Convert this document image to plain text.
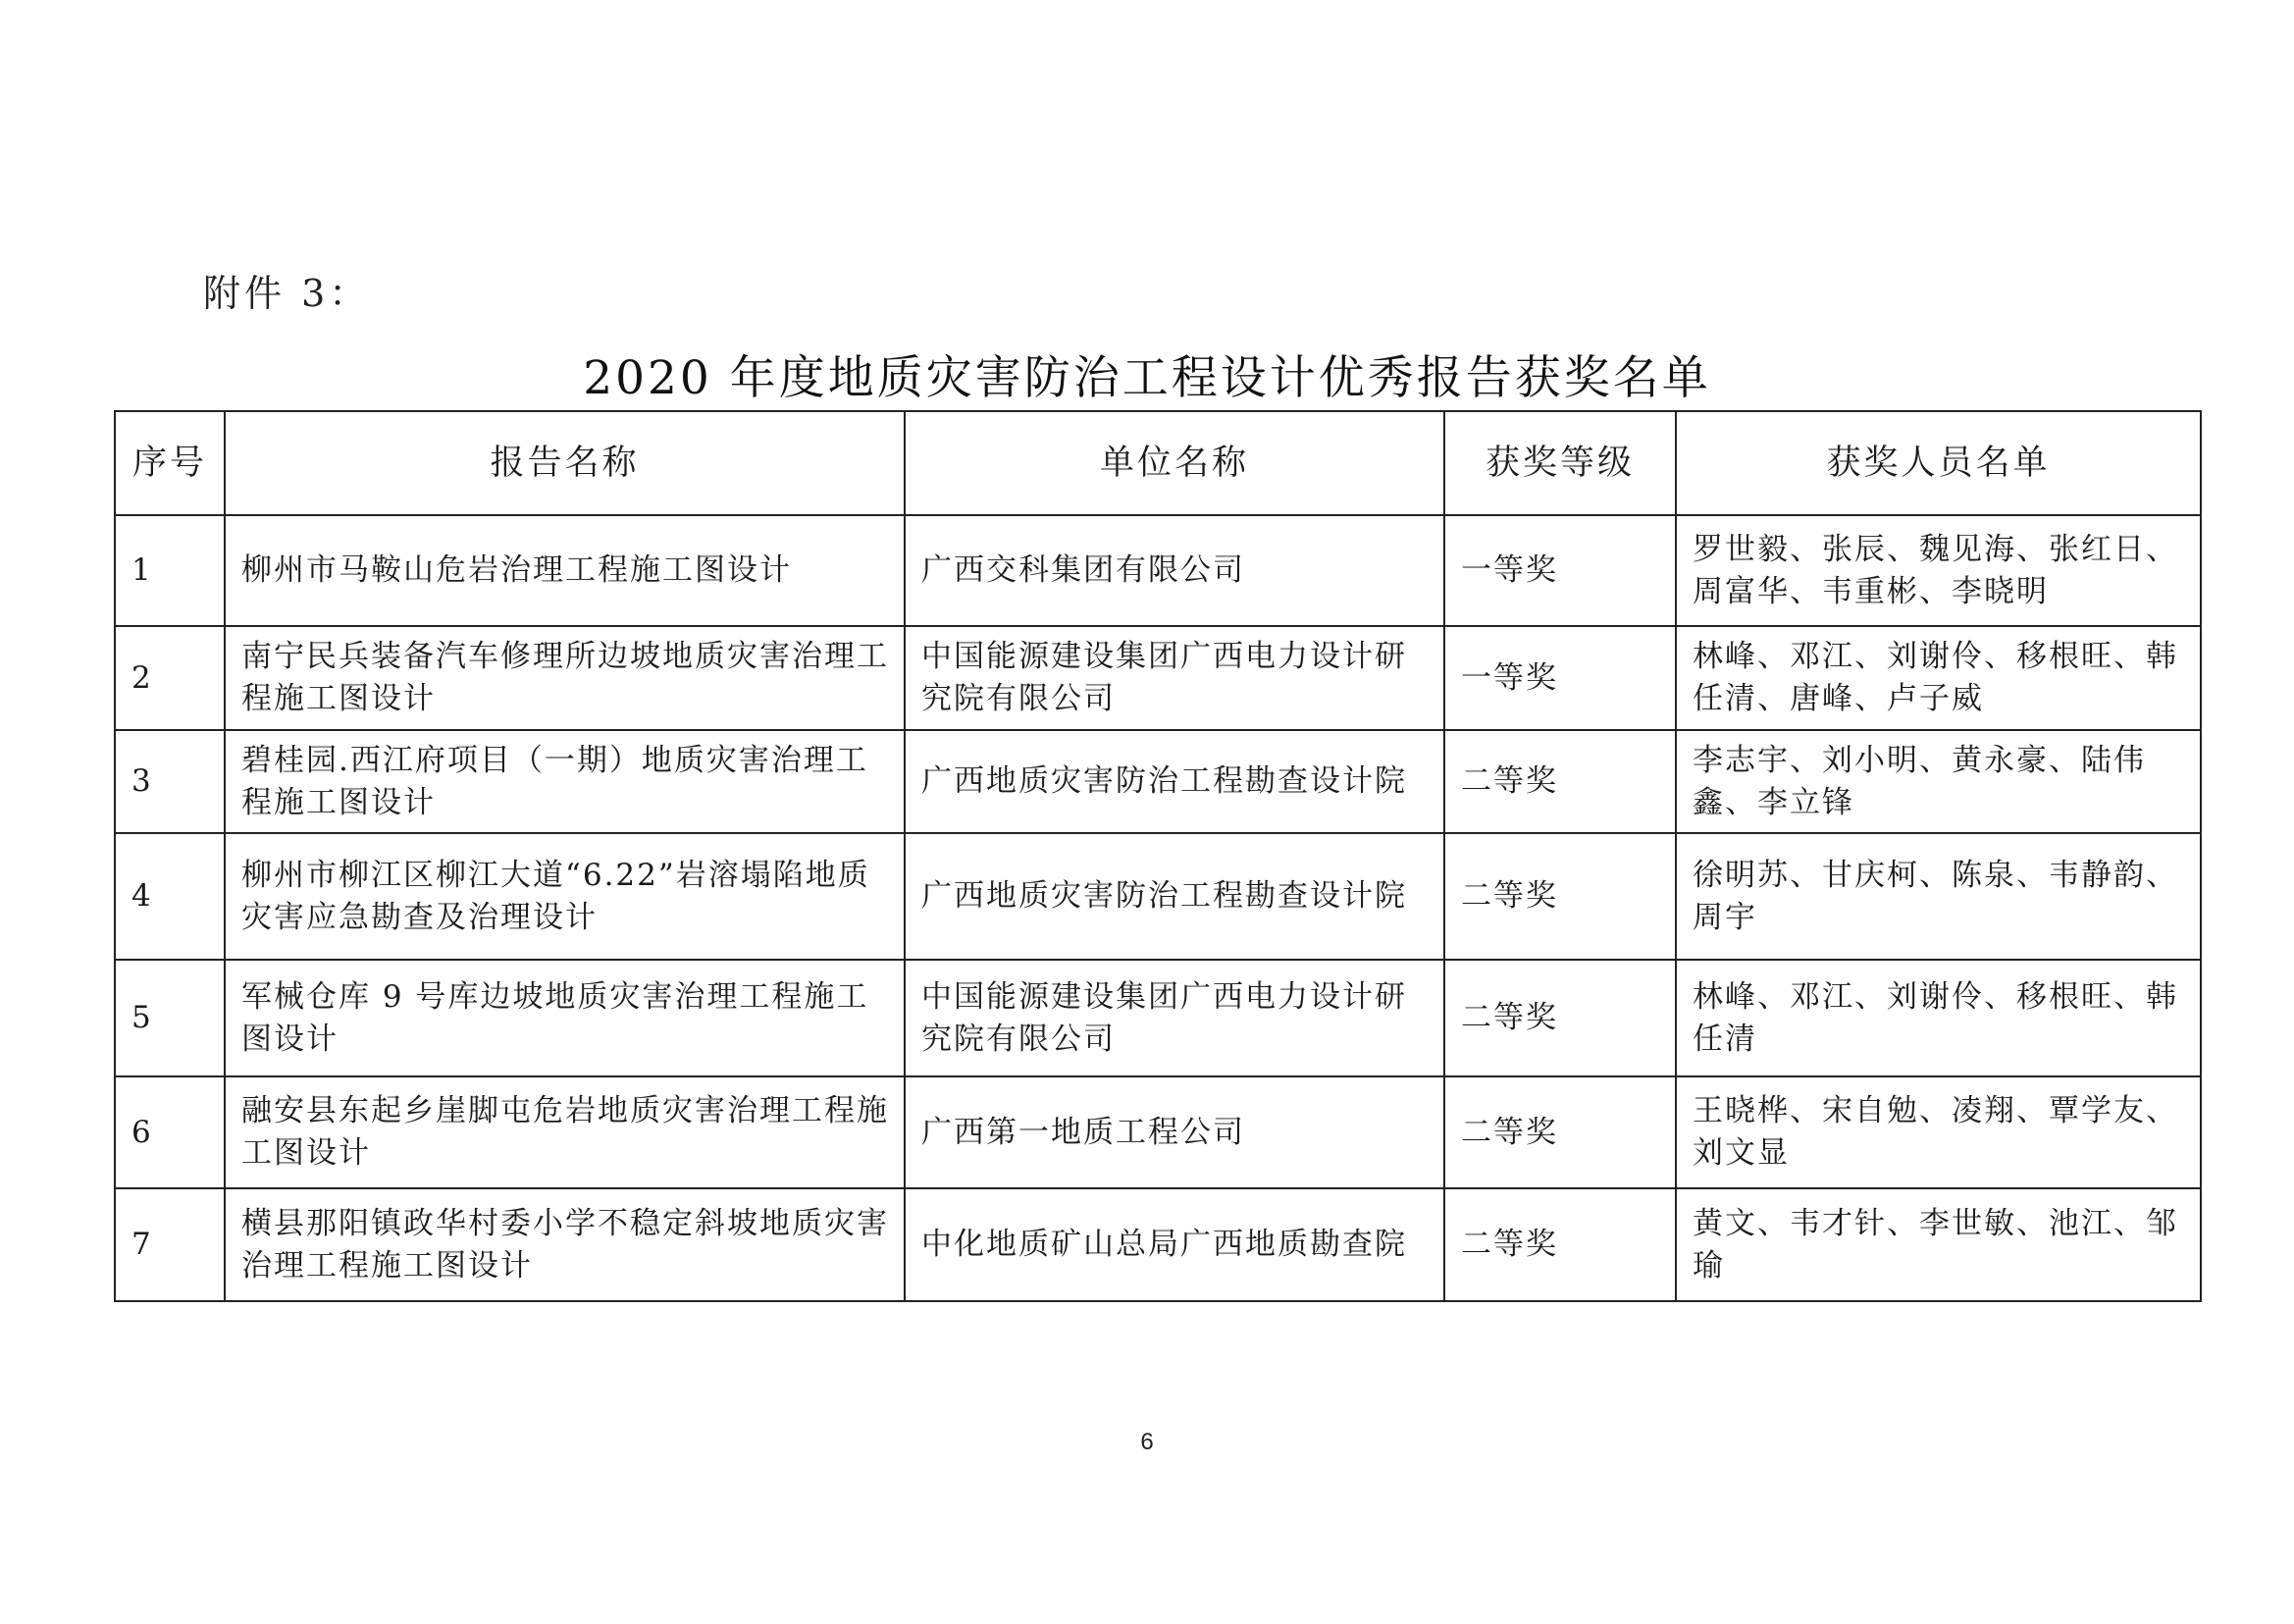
附件 3：
2020 年度地质灾害防治工程设计优秀报告获奖名单
序号	报告名称	单位名称	获奖等级	获奖人员名单
1	柳州市马鞍山危岩治理工程施工图设计	广西交科集团有限公司	一等奖	罗世毅、张辰、魏见海、张红日、周富华、韦重彬、李晓明
2	南宁民兵装备汽车修理所边坡地质灾害治理工程施工图设计	中国能源建设集团广西电力设计研究院有限公司	一等奖	林峰、邓江、刘谢伶、移根旺、韩任清、唐峰、卢子威
3	碧桂园.西江府项目（一期）地质灾害治理工程施工图设计	广西地质灾害防治工程勘查设计院	二等奖	李志宇、刘小明、黄永豪、陆伟鑫、李立锋
4	柳州市柳江区柳江大道“6.22”岩溶塌陷地质灾害应急勘查及治理设计	广西地质灾害防治工程勘查设计院	二等奖	徐明苏、甘庆柯、陈泉、韦静韵、周宇
5	军械仓库 9 号库边坡地质灾害治理工程施工图设计	中国能源建设集团广西电力设计研究院有限公司	二等奖	林峰、邓江、刘谢伶、移根旺、韩任清
6	融安县东起乡崖脚屯危岩地质灾害治理工程施工图设计	广西第一地质工程公司	二等奖	王晓桦、宋自勉、凌翔、覃学友、刘文显
7	横县那阳镇政华村委小学不稳定斜坡地质灾害治理工程施工图设计	中化地质矿山总局广西地质勘查院	二等奖	黄文、韦才针、李世敏、池江、邹瑜
6
